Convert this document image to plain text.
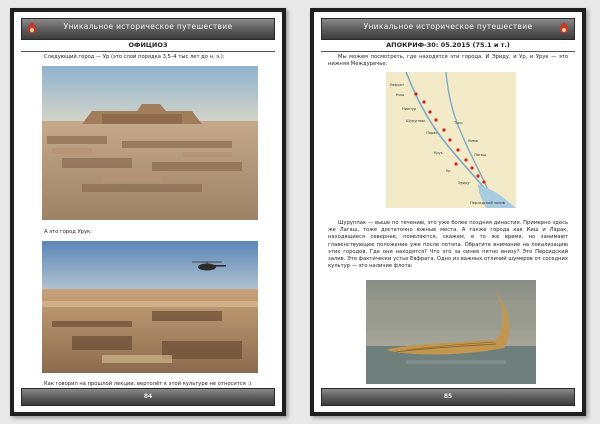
Уникальное историческое путешествие
ОФИЦИОЗ
Следующий город — Ур (это слой порядка 3,5–4 тыс лет до н. э.):
А это город Урук:
Как говорил на прошлой лекции, вертолёт к этой культуре не относится :)
84
Уникальное историческое путешествие
АПОКРИФ-30: 05.2015 (75.1 и т.)
Мы можем посмотреть, где находятся эти города. И Эриду, и Ур, и Урук — это нижняя Междуречье:
Евфрат
Тигр
Персидский залив
Киш
Ниппур
Шуруппак
Урук
Ур
Эриду
Лагаш
Ларак
Умма
Шуруппак — выше по течению, это уже более поздняя династия. Примерно здесь же Лагаш, тоже достаточно южные места. А также города как Киш и Ларак, находящиеся севернее, появляются, скажем, в то же время, но занимают главенствующее положение уже после потопа. Обратите внимание на локализацию этих городов. Где они находятся? Что это за синее пятно внизу? Это Персидский залив. Это фактически устье Евфрата. Одно из важных отличий шумеров от соседних культур — это наличие флота:
85
